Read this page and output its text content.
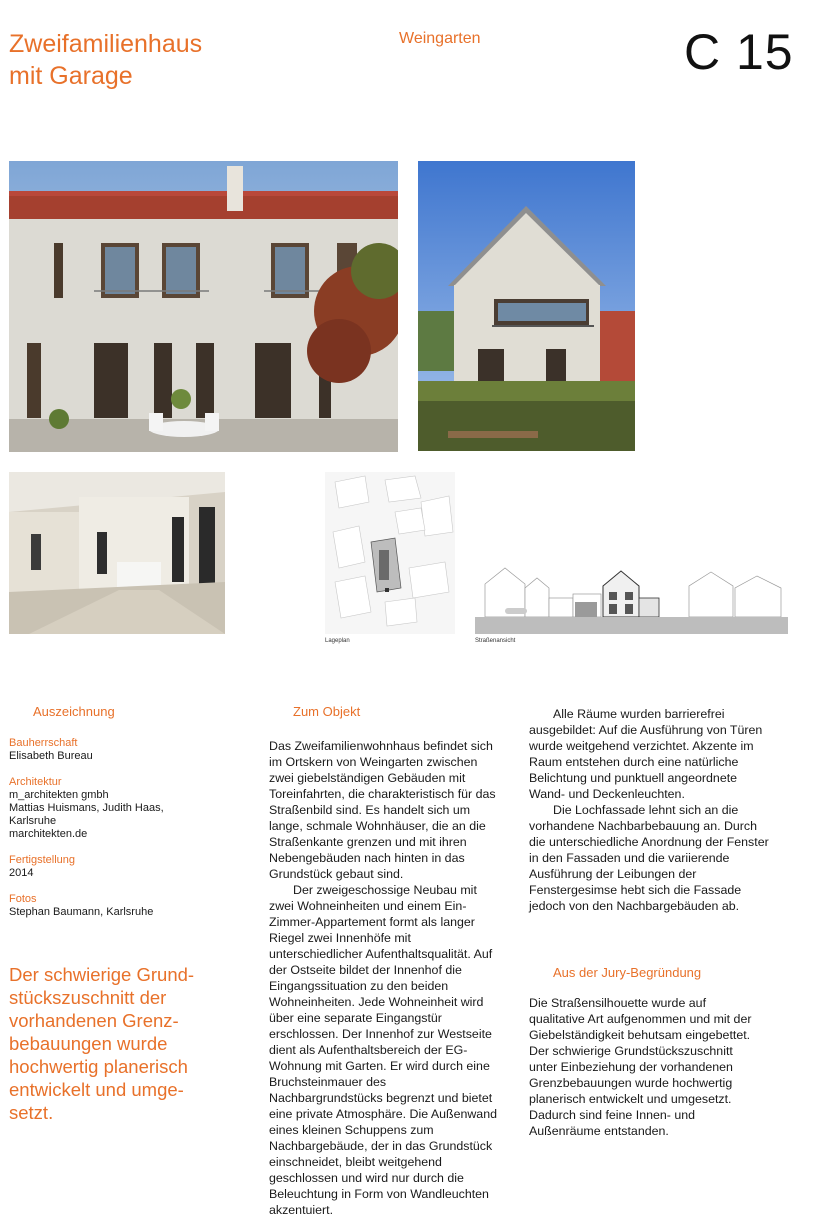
Zweifamilienhaus
mit Garage
Weingarten	C 15
Lageplan	Straßenansicht
Auszeichnung	Zum Objekt
Bauherrschaft
Elisabeth Bureau
Architektur
m_architekten gmbh
Mattias Huismans, Judith Haas,
Karlsruhe
marchitekten.de
Fertigstellung
2014
Fotos
Stephan Baumann, Karlsruhe
Der schwierige Grund-stückszuschnitt der vorhandenen Grenz-bebauungen wurde hochwertig planerisch entwickelt und umge-setzt.

Das Zweifamilienwohnhaus befindet sich im Ortskern von Weingarten zwischen zwei giebelständigen Gebäuden mit Toreinfahrten, die charakteristisch für das Straßenbild sind. Es handelt sich um lange, schmale Wohnhäuser, die an die Straßenkante grenzen und mit ihren Nebengebäuden nach hinten in das Grundstück gebaut sind.

Der zweigeschossige Neubau mit zwei Wohneinheiten und einem Ein-Zimmer-Appartement formt als langer Riegel zwei Innenhöfe mit unterschiedlicher Aufenthaltsqualität. Auf der Ostseite bildet der Innenhof die Eingangssituation zu den beiden Wohneinheiten. Jede Wohneinheit wird über eine separate Eingangstür erschlossen. Der Innenhof zur Westseite dient als Aufenthaltsbereich der EG-Wohnung mit Garten. Er wird durch eine Bruchsteinmauer des Nachbargrundstücks begrenzt und bietet eine private Atmosphäre. Die Außenwand eines kleinen Schuppens zum Nachbargebäude, der in das Grundstück einschneidet, bleibt weitgehend geschlossen und wird nur durch die Beleuchtung in Form von Wandleuchten akzentuiert.

Alle Räume wurden barrierefrei ausgebildet: Auf die Ausführung von Türen wurde weitgehend verzichtet. Akzente im Raum entstehen durch eine natürliche Belichtung und punktuell angeordnete Wand- und Deckenleuchten.

Die Lochfassade lehnt sich an die vorhandene Nachbarbebauung an. Durch die unterschiedliche Anordnung der Fenster in den Fassaden und die variierende Ausführung der Leibungen der Fenstergesimse hebt sich die Fassade jedoch von den Nachbargebäuden ab.

Aus der Jury-Begründung

Die Straßensilhouette wurde auf qualitative Art aufgenommen und mit der Giebelständigkeit behutsam eingebettet. Der schwierige Grundstückszuschnitt unter Einbeziehung der vorhandenen Grenzbebauungen wurde hochwertig planerisch entwickelt und umgesetzt. Dadurch sind feine Innen- und Außenräume entstanden.
